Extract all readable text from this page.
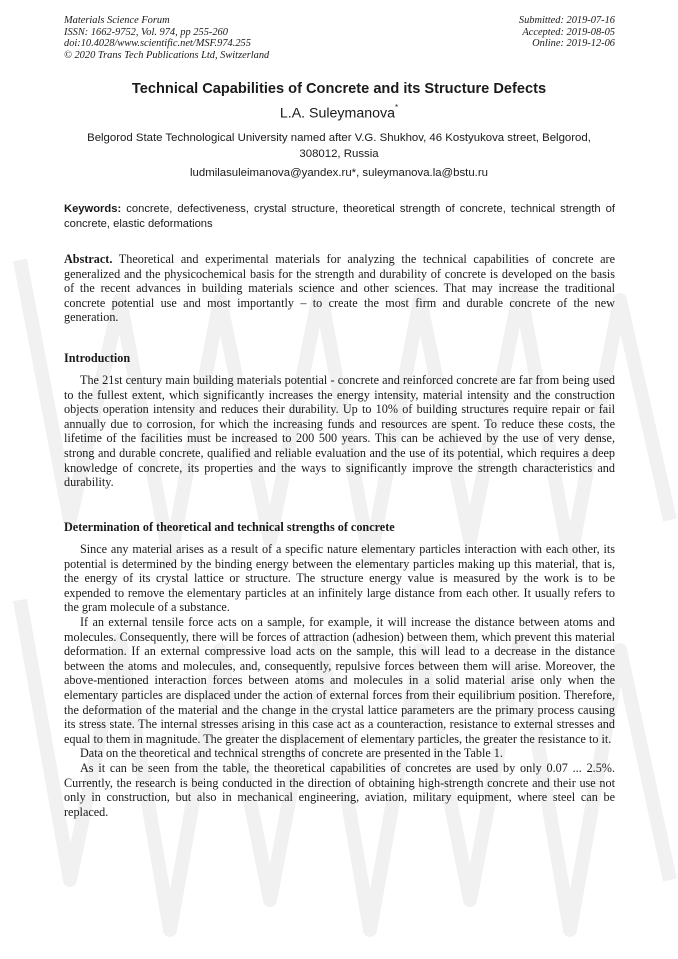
Materials Science Forum
ISSN: 1662-9752, Vol. 974, pp 255-260
doi:10.4028/www.scientific.net/MSF.974.255
© 2020 Trans Tech Publications Ltd, Switzerland
Submitted: 2019-07-16
Accepted: 2019-08-05
Online: 2019-12-06
Technical Capabilities of Concrete and its Structure Defects
L.A. Suleymanova*
Belgorod State Technological University named after V.G. Shukhov, 46 Kostyukova street, Belgorod, 308012, Russia
ludmilasuleimanova@yandex.ru*, suleymanova.la@bstu.ru
Keywords: concrete, defectiveness, crystal structure, theoretical strength of concrete, technical strength of concrete, elastic deformations

Abstract. Theoretical and experimental materials for analyzing the technical capabilities of concrete are generalized and the physicochemical basis for the strength and durability of concrete is developed on the basis of the recent advances in building materials science and other sciences. That may increase the traditional concrete potential use and most importantly – to create the most firm and durable concrete of the new generation.

Introduction

The 21st century main building materials potential - concrete and reinforced concrete are far from being used to the fullest extent, which significantly increases the energy intensity, material intensity and the construction objects operation intensity and reduces their durability. Up to 10% of building structures require repair or fail annually due to corrosion, for which the increasing funds and resources are spent. To reduce these costs, the lifetime of the facilities must be increased to 200 500 years. This can be achieved by the use of very dense, strong and durable concrete, qualified and reliable evaluation and the use of its potential, which requires a deep knowledge of concrete, its properties and the ways to significantly improve the strength characteristics and durability.

Determination of theoretical and technical strengths of concrete

Since any material arises as a result of a specific nature elementary particles interaction with each other, its potential is determined by the binding energy between the elementary particles making up this material, that is, the energy of its crystal lattice or structure. The structure energy value is measured by the work is to be expended to remove the elementary particles at an infinitely large distance from each other. It usually refers to the gram molecule of a substance.

If an external tensile force acts on a sample, for example, it will increase the distance between atoms and molecules. Consequently, there will be forces of attraction (adhesion) between them, which prevent this material deformation. If an external compressive load acts on the sample, this will lead to a decrease in the distance between the atoms and molecules, and, consequently, repulsive forces between them will arise. Moreover, the above-mentioned interaction forces between atoms and molecules in a solid material arise only when the elementary particles are displaced under the action of external forces from their equilibrium position. Therefore, the deformation of the material and the change in the crystal lattice parameters are the primary process causing its stress state. The internal stresses arising in this case act as a counteraction, resistance to external stresses and equal to them in magnitude. The greater the displacement of elementary particles, the greater the resistance to it.

Data on the theoretical and technical strengths of concrete are presented in the Table 1.

As it can be seen from the table, the theoretical capabilities of concretes are used by only 0.07 ... 2.5%. Currently, the research is being conducted in the direction of obtaining high-strength concrete and their use not only in construction, but also in mechanical engineering, aviation, military equipment, where steel can be replaced.
